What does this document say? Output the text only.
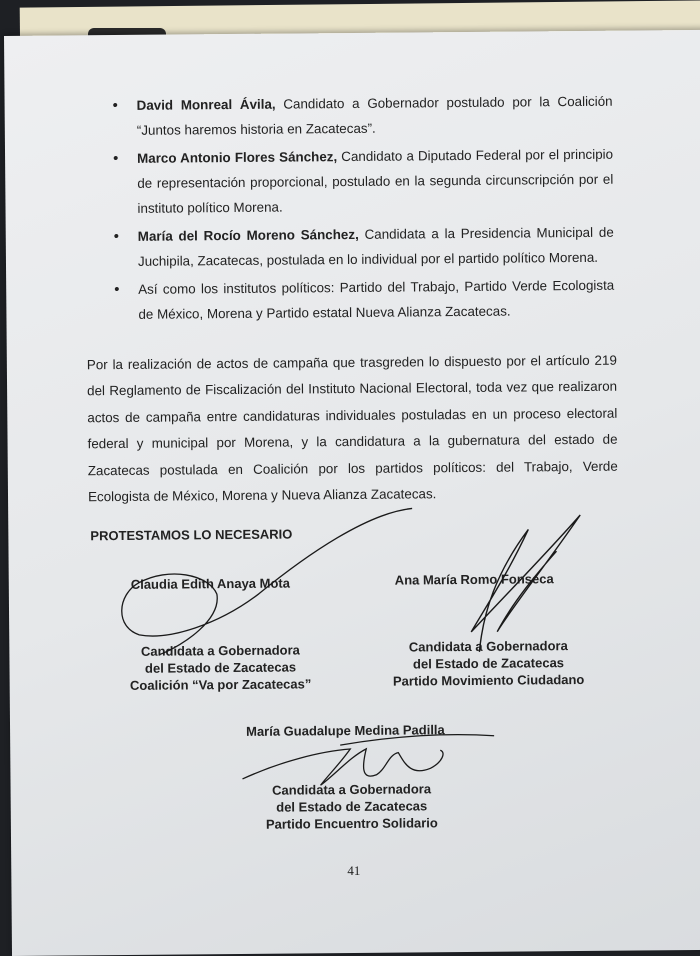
• David Monreal Ávila, Candidato a Gobernador postulado por la Coalición “Juntos haremos historia en Zacatecas”.
• Marco Antonio Flores Sánchez, Candidato a Diputado Federal por el principio de representación proporcional, postulado en la segunda circunscripción por el instituto político Morena.
• María del Rocío Moreno Sánchez, Candidata a la Presidencia Municipal de Juchipila, Zacatecas, postulada en lo individual por el partido político Morena.
• Así como los institutos políticos: Partido del Trabajo, Partido Verde Ecologista de México, Morena y Partido estatal Nueva Alianza Zacatecas.
Por la realización de actos de campaña que trasgreden lo dispuesto por el artículo 219 del Reglamento de Fiscalización del Instituto Nacional Electoral, toda vez que realizaron actos de campaña entre candidaturas individuales postuladas en un proceso electoral federal y municipal por Morena, y la candidatura a la gubernatura del estado de Zacatecas postulada en Coalición por los partidos políticos: del Trabajo, Verde Ecologista de México, Morena y Nueva Alianza Zacatecas.
PROTESTAMOS LO NECESARIO
Claudia Edith Anaya Mota	Ana María Romo Fonseca
Candidata a Gobernadora
del Estado de Zacatecas
Coalición “Va por Zacatecas”
Candidata a Gobernadora
del Estado de Zacatecas
Partido Movimiento Ciudadano
María Guadalupe Medina Padilla
Candidata a Gobernadora
del Estado de Zacatecas
Partido Encuentro Solidario
41
